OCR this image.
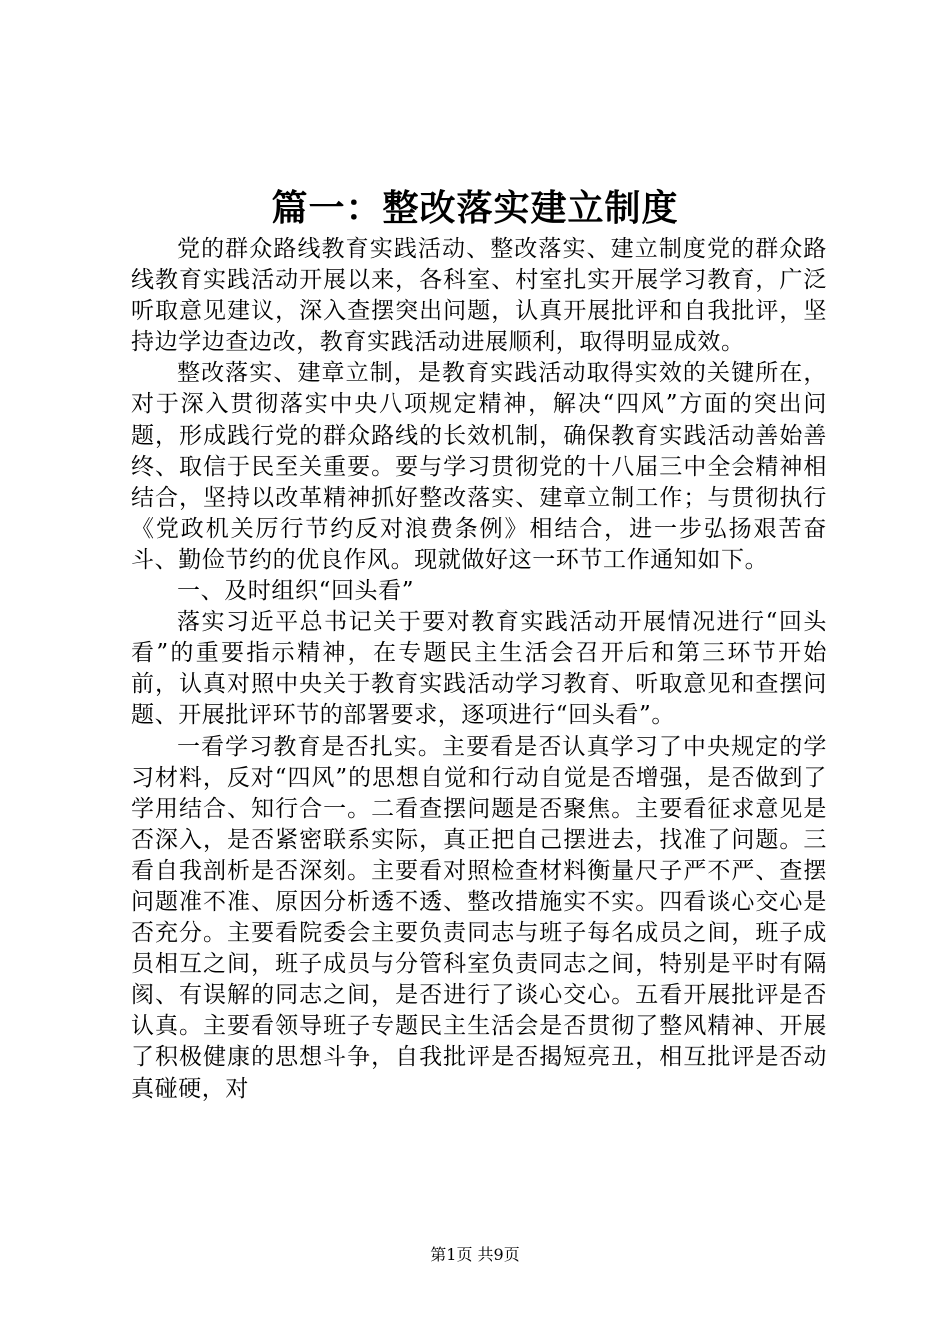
篇一：整改落实建立制度

党的群众路线教育实践活动、整改落实、建立制度党的群众路线教育实践活动开展以来，各科室、村室扎实开展学习教育，广泛听取意见建议，深入查摆突出问题，认真开展批评和自我批评，坚持边学边查边改，教育实践活动进展顺利，取得明显成效。

整改落实、建章立制，是教育实践活动取得实效的关键所在，对于深入贯彻落实中央八项规定精神，解决“四风”方面的突出问题，形成践行党的群众路线的长效机制，确保教育实践活动善始善终、取信于民至关重要。要与学习贯彻党的十八届三中全会精神相结合，坚持以改革精神抓好整改落实、建章立制工作；与贯彻执行《党政机关厉行节约反对浪费条例》相结合，进一步弘扬艰苦奋斗、勤俭节约的优良作风。现就做好这一环节工作通知如下。

一、及时组织“回头看”

落实习近平总书记关于要对教育实践活动开展情况进行“回头看”的重要指示精神，在专题民主生活会召开后和第三环节开始前，认真对照中央关于教育实践活动学习教育、听取意见和查摆问题、开展批评环节的部署要求，逐项进行“回头看”。

一看学习教育是否扎实。主要看是否认真学习了中央规定的学习材料，反对“四风”的思想自觉和行动自觉是否增强，是否做到了学用结合、知行合一。二看查摆问题是否聚焦。主要看征求意见是否深入，是否紧密联系实际，真正把自己摆进去，找准了问题。三看自我剖析是否深刻。主要看对照检查材料衡量尺子严不严、查摆问题准不准、原因分析透不透、整改措施实不实。四看谈心交心是否充分。主要看院委会主要负责同志与班子每名成员之间，班子成员相互之间，班子成员与分管科室负责同志之间，特别是平时有隔阂、有误解的同志之间，是否进行了谈心交心。五看开展批评是否认真。主要看领导班子专题民主生活会是否贯彻了整风精神、开展了积极健康的思想斗争，自我批评是否揭短亮丑，相互批评是否动真碰硬，对

第1页 共9页
